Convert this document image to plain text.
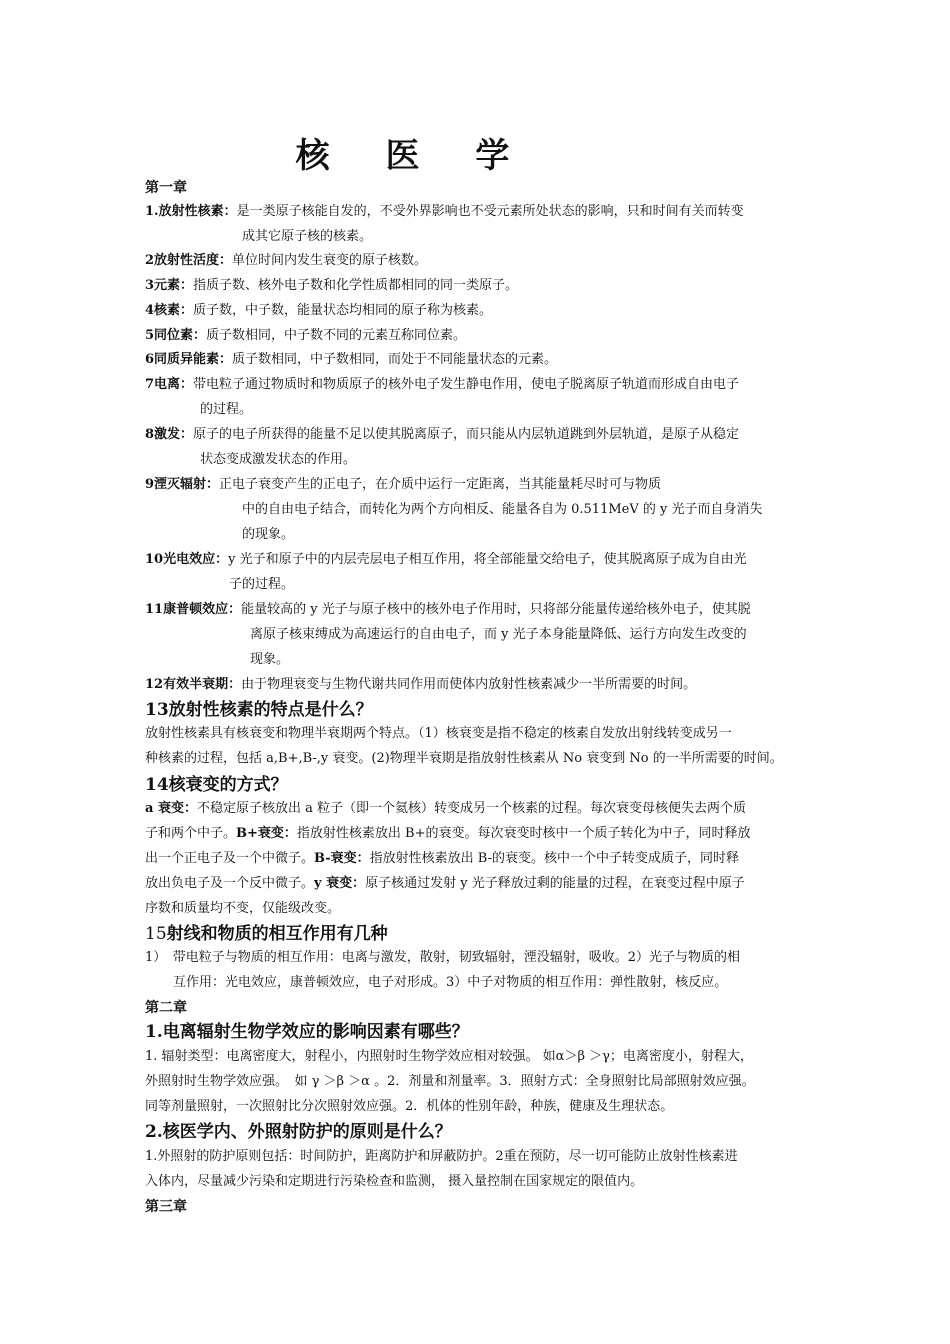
核 医 学
第一章
1.放射性核素：是一类原子核能自发的，不受外界影响也不受元素所处状态的影响，只和时间有关而转变
成其它原子核的核素。
2放射性活度：单位时间内发生衰变的原子核数。
3元素：指质子数、核外电子数和化学性质都相同的同一类原子。
4核素：质子数，中子数，能量状态均相同的原子称为核素。
5同位素：质子数相同，中子数不同的元素互称同位素。
6同质异能素：质子数相同，中子数相同，而处于不同能量状态的元素。
7电离：带电粒子通过物质时和物质原子的核外电子发生静电作用，使电子脱离原子轨道而形成自由电子
的过程。
8激发：原子的电子所获得的能量不足以使其脱离原子，而只能从内层轨道跳到外层轨道，是原子从稳定
状态变成激发状态的作用。
9湮灭辐射：正电子衰变产生的正电子，在介质中运行一定距离，当其能量耗尽时可与物质
中的自由电子结合，而转化为两个方向相反、能量各自为 0.511MeV 的 y 光子而自身消失
的现象。
10光电效应：y 光子和原子中的内层壳层电子相互作用，将全部能量交给电子，使其脱离原子成为自由光
子的过程。
11康普顿效应：能量较高的 y 光子与原子核中的核外电子作用时，只将部分能量传递给核外电子，使其脱
离原子核束缚成为高速运行的自由电子，而 y 光子本身能量降低、运行方向发生改变的
现象。
12有效半衰期：由于物理衰变与生物代谢共同作用而使体内放射性核素减少一半所需要的时间。
13放射性核素的特点是什么？
放射性核素具有核衰变和物理半衰期两个特点。（1）核衰变是指不稳定的核素自发放出射线转变成另一
种核素的过程，包括 a,B+,B-,y 衰变。(2)物理半衰期是指放射性核素从 No 衰变到 No 的一半所需要的时间。
14核衰变的方式？
a 衰变：不稳定原子核放出 a 粒子（即一个氦核）转变成另一个核素的过程。每次衰变母核便失去两个质
子和两个中子。B+衰变：指放射性核素放出 B+的衰变。每次衰变时核中一个质子转化为中子，同时释放
出一个正电子及一个中微子。B-衰变：指放射性核素放出 B-的衰变。核中一个中子转变成质子，同时释
放出负电子及一个反中微子。y 衰变：原子核通过发射 y 光子释放过剩的能量的过程，在衰变过程中原子
序数和质量均不变，仅能级改变。
15射线和物质的相互作用有几种
1）　带电粒子与物质的相互作用：电离与激发，散射，韧致辐射，湮没辐射，吸收。2）光子与物质的相
互作用：光电效应，康普顿效应，电子对形成。3）中子对物质的相互作用：弹性散射，核反应。
第二章
1.电离辐射生物学效应的影响因素有哪些？
1. 辐射类型：电离密度大，射程小，内照射时生物学效应相对较强。 如α＞β ＞γ；电离密度小，射程大，
外照射时生物学效应强。　如 γ ＞β ＞α 。2．剂量和剂量率。3．照射方式：全身照射比局部照射效应强。
同等剂量照射，一次照射比分次照射效应强。2．机体的性别年龄，种族，健康及生理状态。
2.核医学内、外照射防护的原则是什么？
1.外照射的防护原则包括：时间防护，距离防护和屏蔽防护。2重在预防，尽一切可能防止放射性核素进
入体内，尽量减少污染和定期进行污染检查和监测， 摄入量控制在国家规定的限值内。
第三章
